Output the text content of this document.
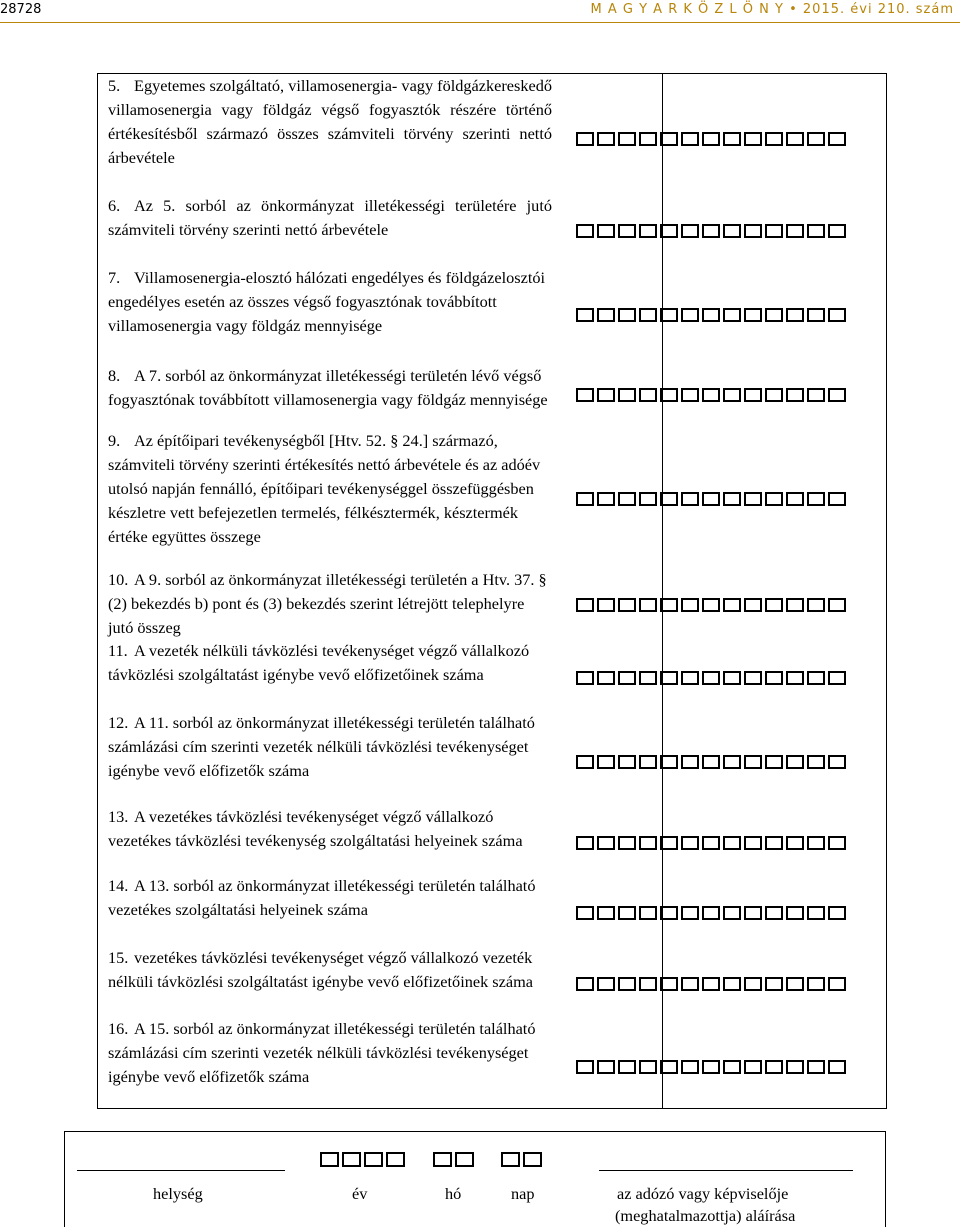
28728	M A G Y A R K Ö Z L Ö N Y • 2015. évi 210. szám
5. Egyetemes szolgáltató, villamosenergia- vagy földgázkereskedő villamosenergia vagy földgáz végső fogyasztók részére történő értékesítésből származó összes számviteli törvény szerinti nettó árbevétele
6. Az 5. sorból az önkormányzat illetékességi területére jutó számviteli törvény szerinti nettó árbevétele
7. Villamosenergia-elosztó hálózati engedélyes és földgázelosztói engedélyes esetén az összes végső fogyasztónak továbbított villamosenergia vagy földgáz mennyisége
8. A 7. sorból az önkormányzat illetékességi területén lévő végső fogyasztónak továbbított villamosenergia vagy földgáz mennyisége
9. Az építőipari tevékenységből [Htv. 52. § 24.] származó, számviteli törvény szerinti értékesítés nettó árbevétele és az adóév utolsó napján fennálló, építőipari tevékenységgel összefüggésben készletre vett befejezetlen termelés, félkésztermék, késztermék értéke együttes összege
10. A 9. sorból az önkormányzat illetékességi területén a Htv. 37. § (2) bekezdés b) pont és (3) bekezdés szerint létrejött telephelyre jutó összeg
11. A vezeték nélküli távközlési tevékenységet végző vállalkozó távközlési szolgáltatást igénybe vevő előfizetőinek száma
12. A 11. sorból az önkormányzat illetékességi területén található számlázási cím szerinti vezeték nélküli távközlési tevékenységet igénybe vevő előfizetők száma
13. A vezetékes távközlési tevékenységet végző vállalkozó vezetékes távközlési tevékenység szolgáltatási helyeinek száma
14. A 13. sorból az önkormányzat illetékességi területén található vezetékes szolgáltatási helyeinek száma
15. vezetékes távközlési tevékenységet végző vállalkozó vezeték nélküli távközlési szolgáltatást igénybe vevő előfizetőinek száma
16. A 15. sorból az önkormányzat illetékességi területén található számlázási cím szerinti vezeték nélküli távközlési tevékenységet igénybe vevő előfizetők száma
helység	év	hó	nap	az adózó vagy képviselője
(meghatalmazottja) aláírása
